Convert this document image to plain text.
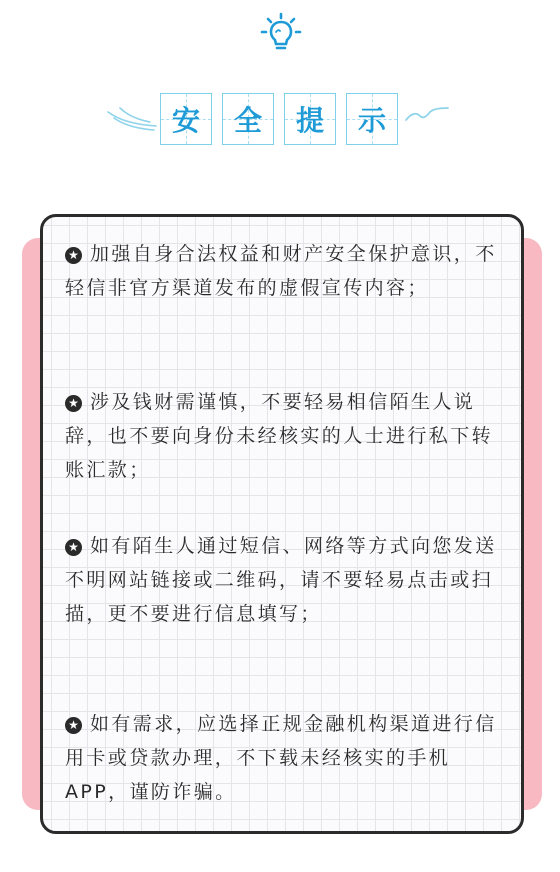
安 全 提 示
★ 加强自身合法权益和财产安全保护意识，不轻信非官方渠道发布的虚假宣传内容；
★ 涉及钱财需谨慎，不要轻易相信陌生人说辞，也不要向身份未经核实的人士进行私下转账汇款；
★ 如有陌生人通过短信、网络等方式向您发送不明网站链接或二维码，请不要轻易点击或扫描，更不要进行信息填写；
★ 如有需求，应选择正规金融机构渠道进行信用卡或贷款办理，不下载未经核实的手机APP，谨防诈骗。
